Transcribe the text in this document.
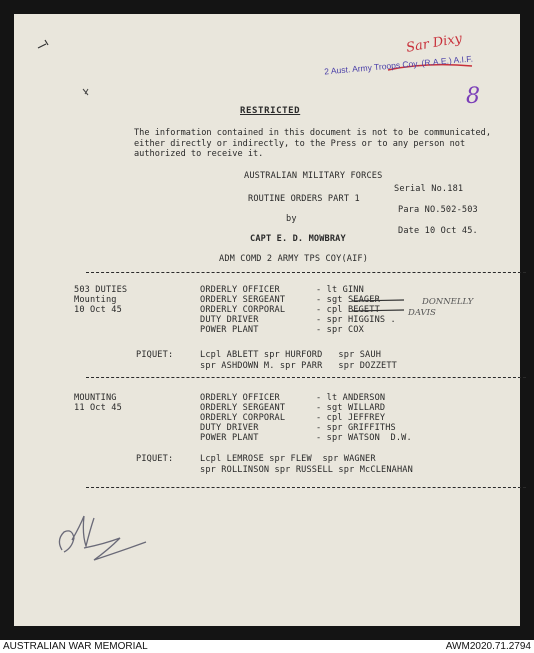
Sar Dixy
2 Aust. Army Troops Coy. (R.A.E.) A.I.F.
8
RESTRICTED
The information contained in this document is not to be communicated, either directly or indirectly, to the Press or to any person not authorized to receive it.
AUSTRALIAN MILITARY FORCES
Serial No.181
ROUTINE ORDERS PART 1
Para NO.502-503
by
Date 10 Oct 45.
CAPT E. D. MOWBRAY
ADM COMD 2 ARMY TPS COY(AIF)
503 DUTIES
Mounting
10 Oct 45
ORDERLY OFFICER	- lt GINN
ORDERLY SERGEANT	- sgt SEAGER
ORDERLY CORPORAL	- cpl BEGETT
DUTY DRIVER	- spr HIGGINS .
POWER PLANT	- spr COX
DONNELLY
DAVIS
PIQUET:	Lcpl ABLETT spr HURFORD   spr SAUH
spr ASHDOWN M. spr PARR   spr DOZZETT
MOUNTING
11 Oct 45
ORDERLY OFFICER	- lt ANDERSON
ORDERLY SERGEANT	- sgt WILLARD
ORDERLY CORPORAL	- cpl JEFFREY
DUTY DRIVER	- spr GRIFFITHS
POWER PLANT	- spr WATSON  D.W.
PIQUET:	Lcpl LEMROSE spr FLEW  spr WAGNER
spr ROLLINSON spr RUSSELL spr McCLENAHAN
AUSTRALIAN WAR MEMORIAL	AWM2020.71.2794
